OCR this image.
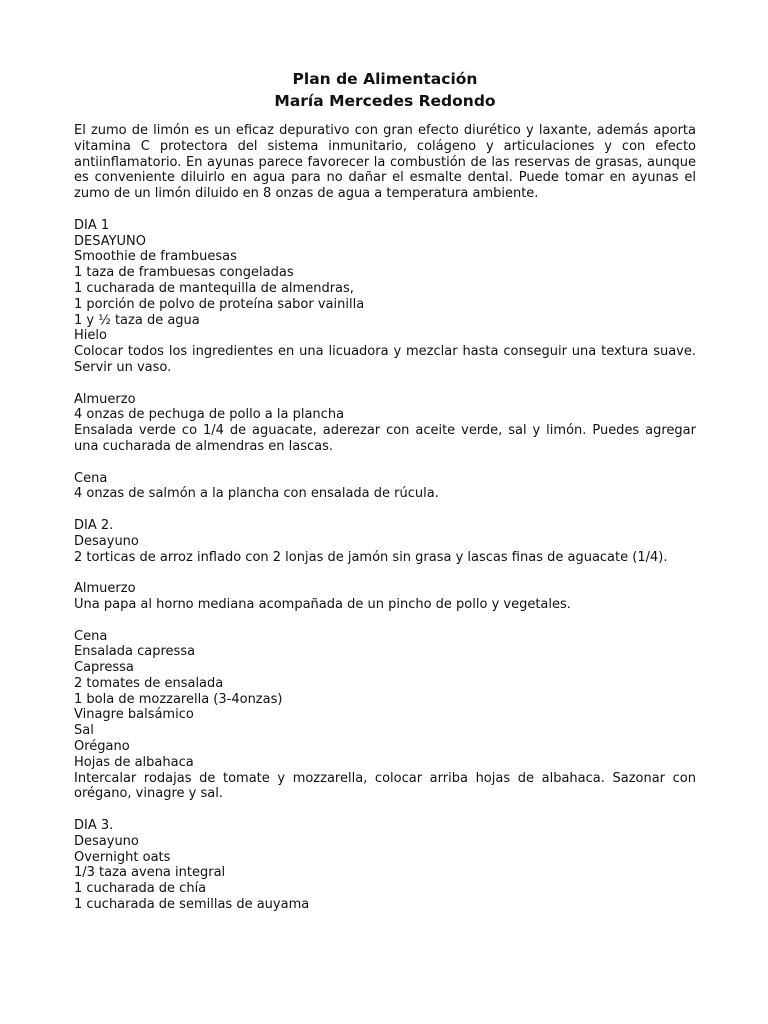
Plan de Alimentación

María Mercedes Redondo

El zumo de limón es un eficaz depurativo con gran efecto diurético y laxante, además aporta vitamina C protectora del sistema inmunitario, colágeno y articulaciones y con efecto antiinflamatorio. En ayunas parece favorecer la combustión de las reservas de grasas, aunque es conveniente diluirlo en agua para no dañar el esmalte dental. Puede tomar en ayunas el zumo de un limón diluido en 8 onzas de agua a temperatura ambiente.

DIA 1

DESAYUNO

Smoothie de frambuesas

1 taza de frambuesas congeladas

1 cucharada de mantequilla de almendras,

1 porción de polvo de proteína sabor vainilla

1 y ½ taza de agua

Hielo

Colocar todos los ingredientes en una licuadora y mezclar hasta conseguir una textura suave. Servir un vaso.

Almuerzo

4 onzas de pechuga de pollo a la plancha

Ensalada verde co 1/4 de aguacate, aderezar con aceite verde, sal y limón. Puedes agregar una cucharada de almendras en lascas.

Cena

4 onzas de salmón a la plancha con ensalada de rúcula.

DIA 2.

Desayuno

2 torticas de arroz inflado con 2 lonjas de jamón sin grasa y lascas finas de aguacate (1/4).

Almuerzo

Una papa al horno mediana acompañada de un pincho de pollo y vegetales.

Cena

Ensalada capressa

Capressa

2 tomates de ensalada

1 bola de mozzarella (3-4onzas)

Vinagre balsámico

Sal

Orégano

Hojas de albahaca

Intercalar rodajas de tomate y mozzarella, colocar arriba hojas de albahaca. Sazonar con orégano, vinagre y sal.

DIA 3.

Desayuno

Overnight oats

1/3 taza avena integral

1 cucharada de chía

1 cucharada de semillas de auyama
